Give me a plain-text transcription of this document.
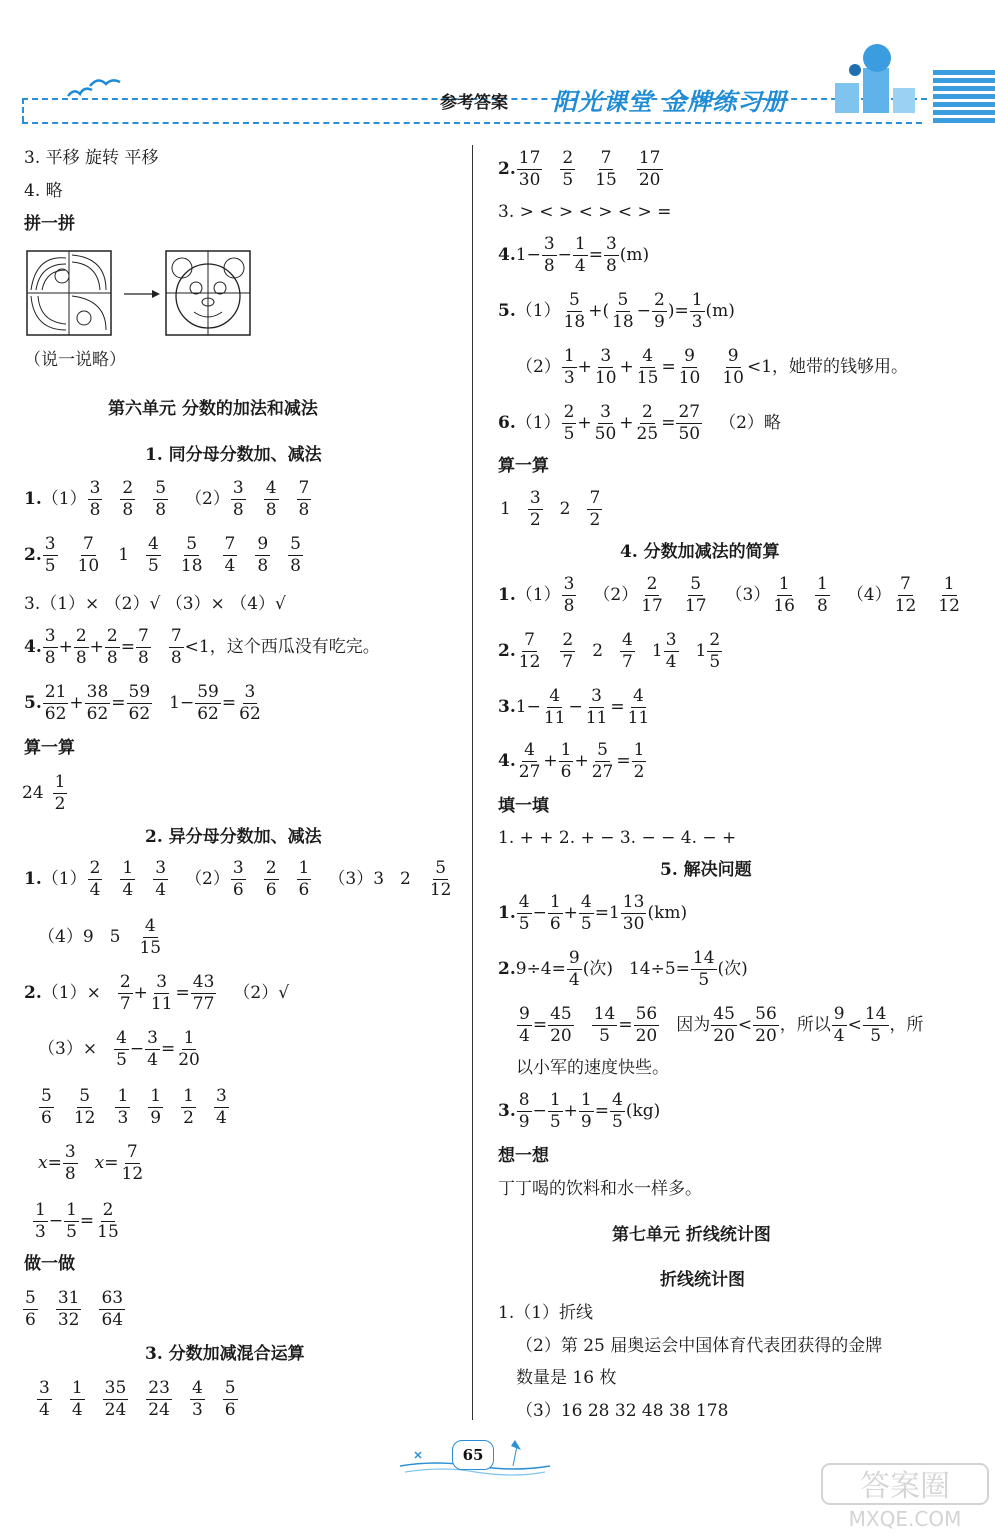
参考答案 阳光课堂 金牌练习册
3. 平移 旋转 平移
4. 略
拼一拼
（说一说略）
第六单元 分数的加法和减法
1. 同分母分数加、减法
$1.(1) \frac{3}{8} \frac{2}{8} \frac{5}{8} (2) \frac{3}{8} \frac{4}{8} \frac{7}{8}$
2. $\frac{3}{5} \frac{7}{10} 1 \frac{4}{5} \frac{5}{18} \frac{7}{4} \frac{9}{8} \frac{5}{8}$
3.（1）× （2）√ （3）× （4）√
4. $\frac{3}{8} + \frac{2}{8} + \frac{2}{8} = \frac{7}{8} \frac{7}{8} <1$，这个西瓜没有吃完。
5. $\frac{21}{62} + \frac{38}{62} = \frac{59}{62} 1- \frac{59}{62} = \frac{3}{62}$
算一算
$24 \frac{1}{2}$
2. 异分母分数加、减法
$1.(1) \frac{2}{4} \frac{1}{4} \frac{3}{4} (2) \frac{3}{6} \frac{2}{6} \frac{1}{6} (3)3$ $2 \frac{5}{12}$
（4）9 $5 \frac{4}{15}$
$2.(1)\times \frac{2}{7} + \frac{3}{11} = \frac{43}{77} (2)√$
$(3)\times \frac{4}{5} - \frac{3}{4} = \frac{1}{20}$
$\frac{5}{6} \frac{5}{12} \frac{1}{3} \frac{1}{9} \frac{1}{2} \frac{3}{4}$
$x= \frac{3}{8} x= \frac{7}{12}$
$\frac{1}{3} - \frac{1}{5} = \frac{2}{15}$
做一做
$\frac{5}{6} \frac{31}{32} \frac{63}{64}$
3. 分数加减混合运算
$\frac{3}{4} \frac{1}{4} \frac{35}{24} \frac{23}{24} \frac{4}{3} \frac{5}{6}$
2. $\frac{17}{30} \frac{2}{5} \frac{7}{15} \frac{17}{20}$
3. > < > < > < > =
$4.1- \frac{3}{8} - \frac{1}{4} = \frac{3}{8} (m)$
$5.(1) \frac{5}{18}$ +( $\frac{5}{18} - \frac{2}{9}$ )= $\frac{1}{3} (m)$
$(2) \frac{1}{3} + \frac{3}{10} + \frac{4}{15} = \frac{9}{10} \frac{9}{10} <1$，她带的钱够用。
$6.(1) \frac{2}{5} + \frac{3}{50} + \frac{2}{25} = \frac{27}{50} (2)$略
算一算
$1 \frac{3}{2} 2 \frac{7}{2}$
4. 分数加减法的简算
$1.(1) \frac{3}{8} (2) \frac{2}{17} \frac{5}{17} (3) \frac{1}{16} \frac{1}{8} (4) \frac{7}{12} \frac{1}{12}$
2. $\frac{7}{12} \frac{2}{7} 2 \frac{4}{7} 1 \frac{3}{4} 1 \frac{2}{5}$
$3.1- \frac{4}{11} - \frac{3}{11} = \frac{4}{11}$
4. $\frac{4}{27} + \frac{1}{6} + \frac{5}{27} = \frac{1}{2}$
填一填
1. + + 2. + − 3. − − 4. − +
5. 解决问题
1. $\frac{4}{5} - \frac{1}{6} + \frac{4}{5} =1 \frac{13}{30} (km)$
$2.9\div 4= \frac{9}{4}$ (次) $14\div 5= \frac{14}{5}$ (次)
$\frac{9}{4} = \frac{45}{20} \frac{14}{5} = \frac{56}{20}$ 因为 $\frac{45}{20} < \frac{56}{20}$ ，所以 $\frac{9}{4} < \frac{14}{5}$ ，所
以小军的速度快些。
3. $\frac{8}{9} - \frac{1}{5} + \frac{1}{9} = \frac{4}{5} (kg)$
想一想
丁丁喝的饮料和水一样多。
第七单元 折线统计图
折线统计图
1.（1）折线
（2）第 25 届奥运会中国体育代表团获得的金牌
数量是 16 枚
（3）16 28 32 48 38 178
65
答案圈
MXQE.COM
